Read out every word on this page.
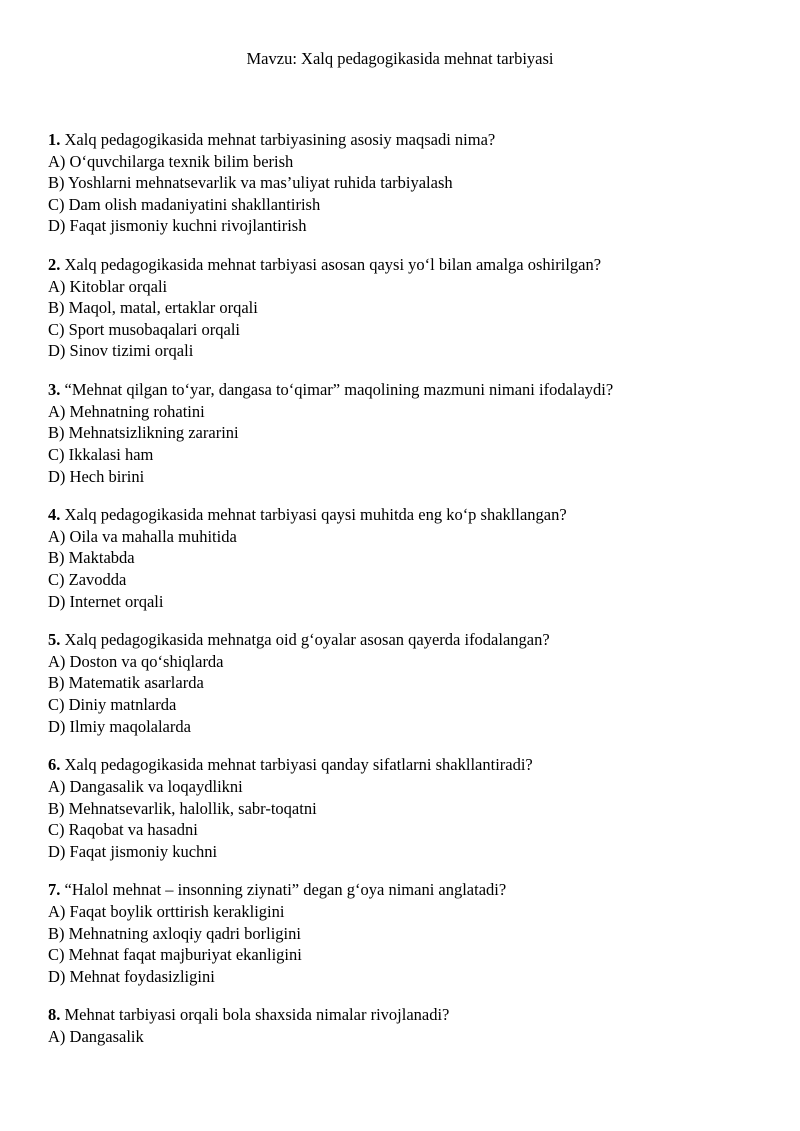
Mavzu: Xalq pedagogikasida mehnat tarbiyasi
1. Xalq pedagogikasida mehnat tarbiyasining asosiy maqsadi nima?
A) O‘quvchilarga texnik bilim berish
B) Yoshlarni mehnatsevarlik va mas’uliyat ruhida tarbiyalash
C) Dam olish madaniyatini shakllantirish
D) Faqat jismoniy kuchni rivojlantirish
2. Xalq pedagogikasida mehnat tarbiyasi asosan qaysi yo‘l bilan amalga oshirilgan?
A) Kitoblar orqali
B) Maqol, matal, ertaklar orqali
C) Sport musobaqalari orqali
D) Sinov tizimi orqali
3. “Mehnat qilgan to‘yar, dangasa to‘qimar” maqolining mazmuni nimani ifodalaydi?
A) Mehnatning rohatini
B) Mehnatsizlikning zararini
C) Ikkalasi ham
D) Hech birini
4. Xalq pedagogikasida mehnat tarbiyasi qaysi muhitda eng ko‘p shakllangan?
A) Oila va mahalla muhitida
B) Maktabda
C) Zavodda
D) Internet orqali
5. Xalq pedagogikasida mehnatga oid g‘oyalar asosan qayerda ifodalangan?
A) Doston va qo‘shiqlarda
B) Matematik asarlarda
C) Diniy matnlarda
D) Ilmiy maqolalarda
6. Xalq pedagogikasida mehnat tarbiyasi qanday sifatlarni shakllantiradi?
A) Dangasalik va loqaydlikni
B) Mehnatsevarlik, halollik, sabr-toqatni
C) Raqobat va hasadni
D) Faqat jismoniy kuchni
7. “Halol mehnat – insonning ziynati” degan g‘oya nimani anglatadi?
A) Faqat boylik orttirish kerakligini
B) Mehnatning axloqiy qadri borligini
C) Mehnat faqat majburiyat ekanligini
D) Mehnat foydasizligini
8. Mehnat tarbiyasi orqali bola shaxsida nimalar rivojlanadi?
A) Dangasalik
